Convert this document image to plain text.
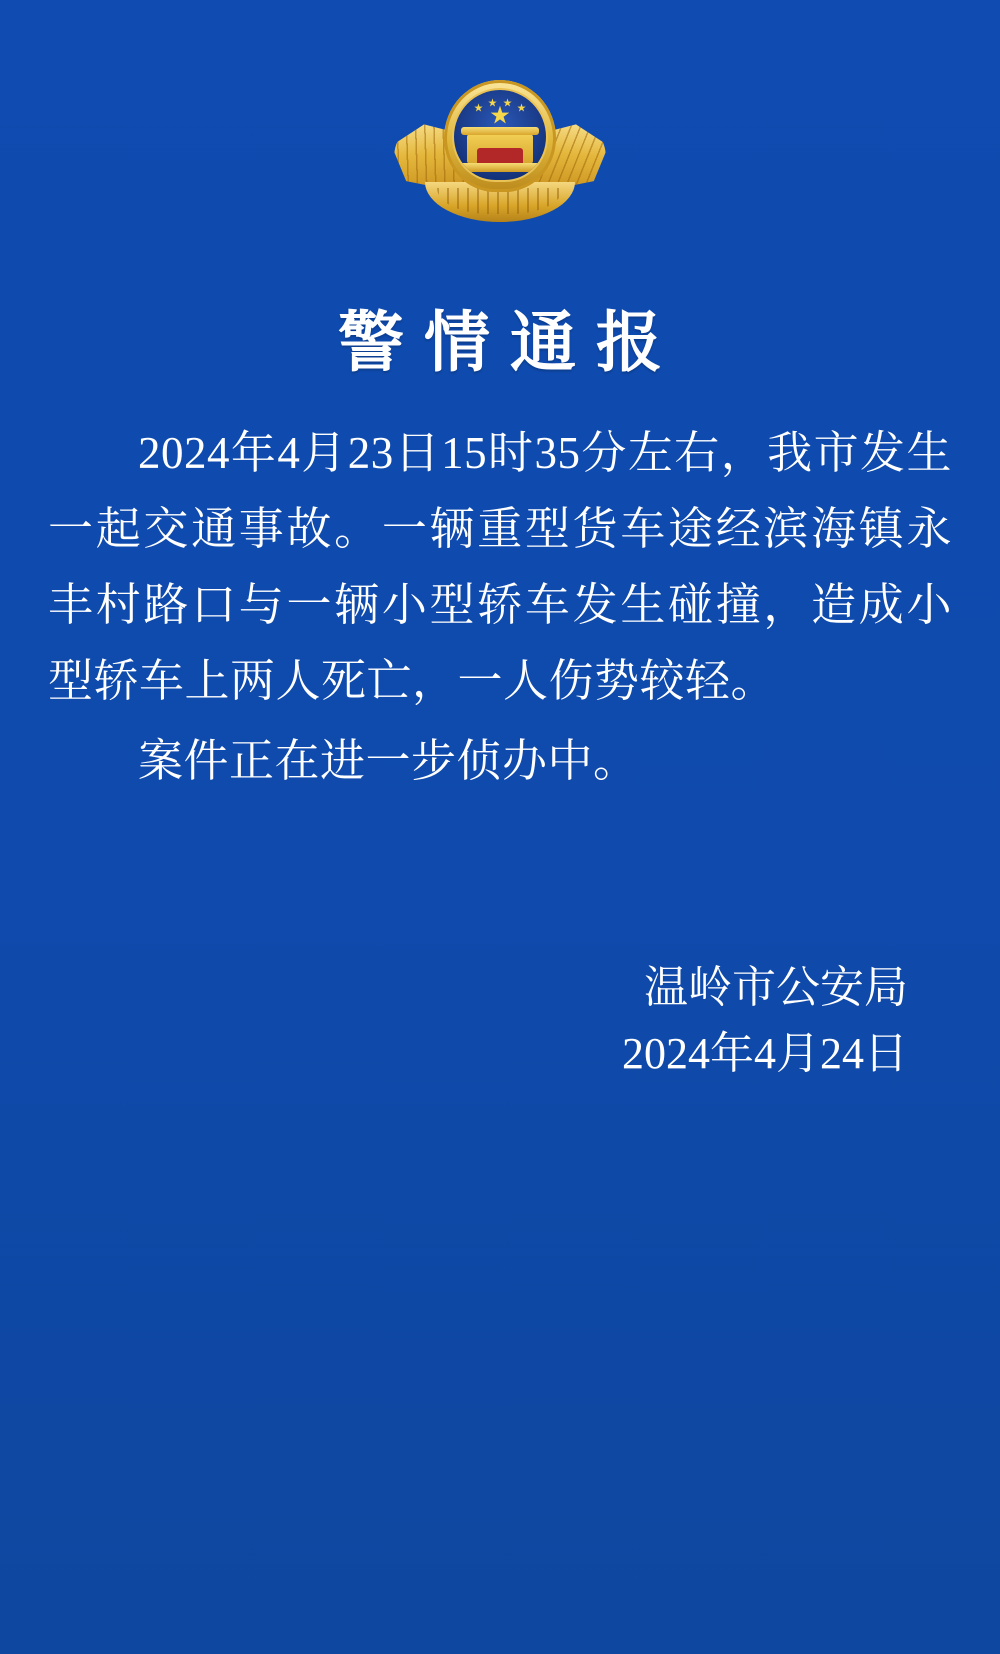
★
★ ★ ★ ★
警情通报

2024年4月23日15时35分左右，我市发生一起交通事故。一辆重型货车途经滨海镇永丰村路口与一辆小型轿车发生碰撞，造成小型轿车上两人死亡，一人伤势较轻。

案件正在进一步侦办中。

温岭市公安局
2024年4月24日
